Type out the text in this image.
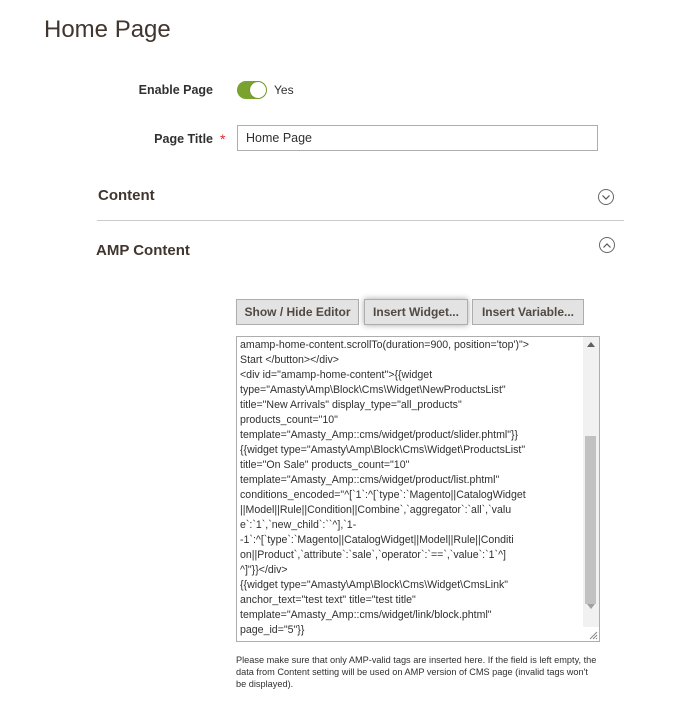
Home Page
Enable Page	Yes
Page Title *
Home Page
Content
AMP Content
Show / Hide Editor	Insert Widget...	Insert Variable...
amamp-home-content.scrollTo(duration=900, position='top')">
Start </button></div>
<div id="amamp-home-content">{{widget
type="Amasty\Amp\Block\Cms\Widget\NewProductsList"
title="New Arrivals" display_type="all_products"
products_count="10"
template="Amasty_Amp::cms/widget/product/slider.phtml"}}
{{widget type="Amasty\Amp\Block\Cms\Widget\ProductsList"
title="On Sale" products_count="10"
template="Amasty_Amp::cms/widget/product/list.phtml"
conditions_encoded="^[`1`:^[`type`:`Magento||CatalogWidget
||Model||Rule||Condition||Combine`,`aggregator`:`all`,`valu
e`:`1`,`new_child`:``^],`1-
-1`:^[`type`:`Magento||CatalogWidget||Model||Rule||Conditi
on||Product`,`attribute`:`sale`,`operator`:`==`,`value`:`1`^]
^]"}}</div>
{{widget type="Amasty\Amp\Block\Cms\Widget\CmsLink"
anchor_text="test text" title="test title"
template="Amasty_Amp::cms/widget/link/block.phtml"
page_id="5"}}
Please make sure that only AMP-valid tags are inserted here. If the field is left empty, the data from Content setting will be used on AMP version of CMS page (invalid tags won't be displayed).
